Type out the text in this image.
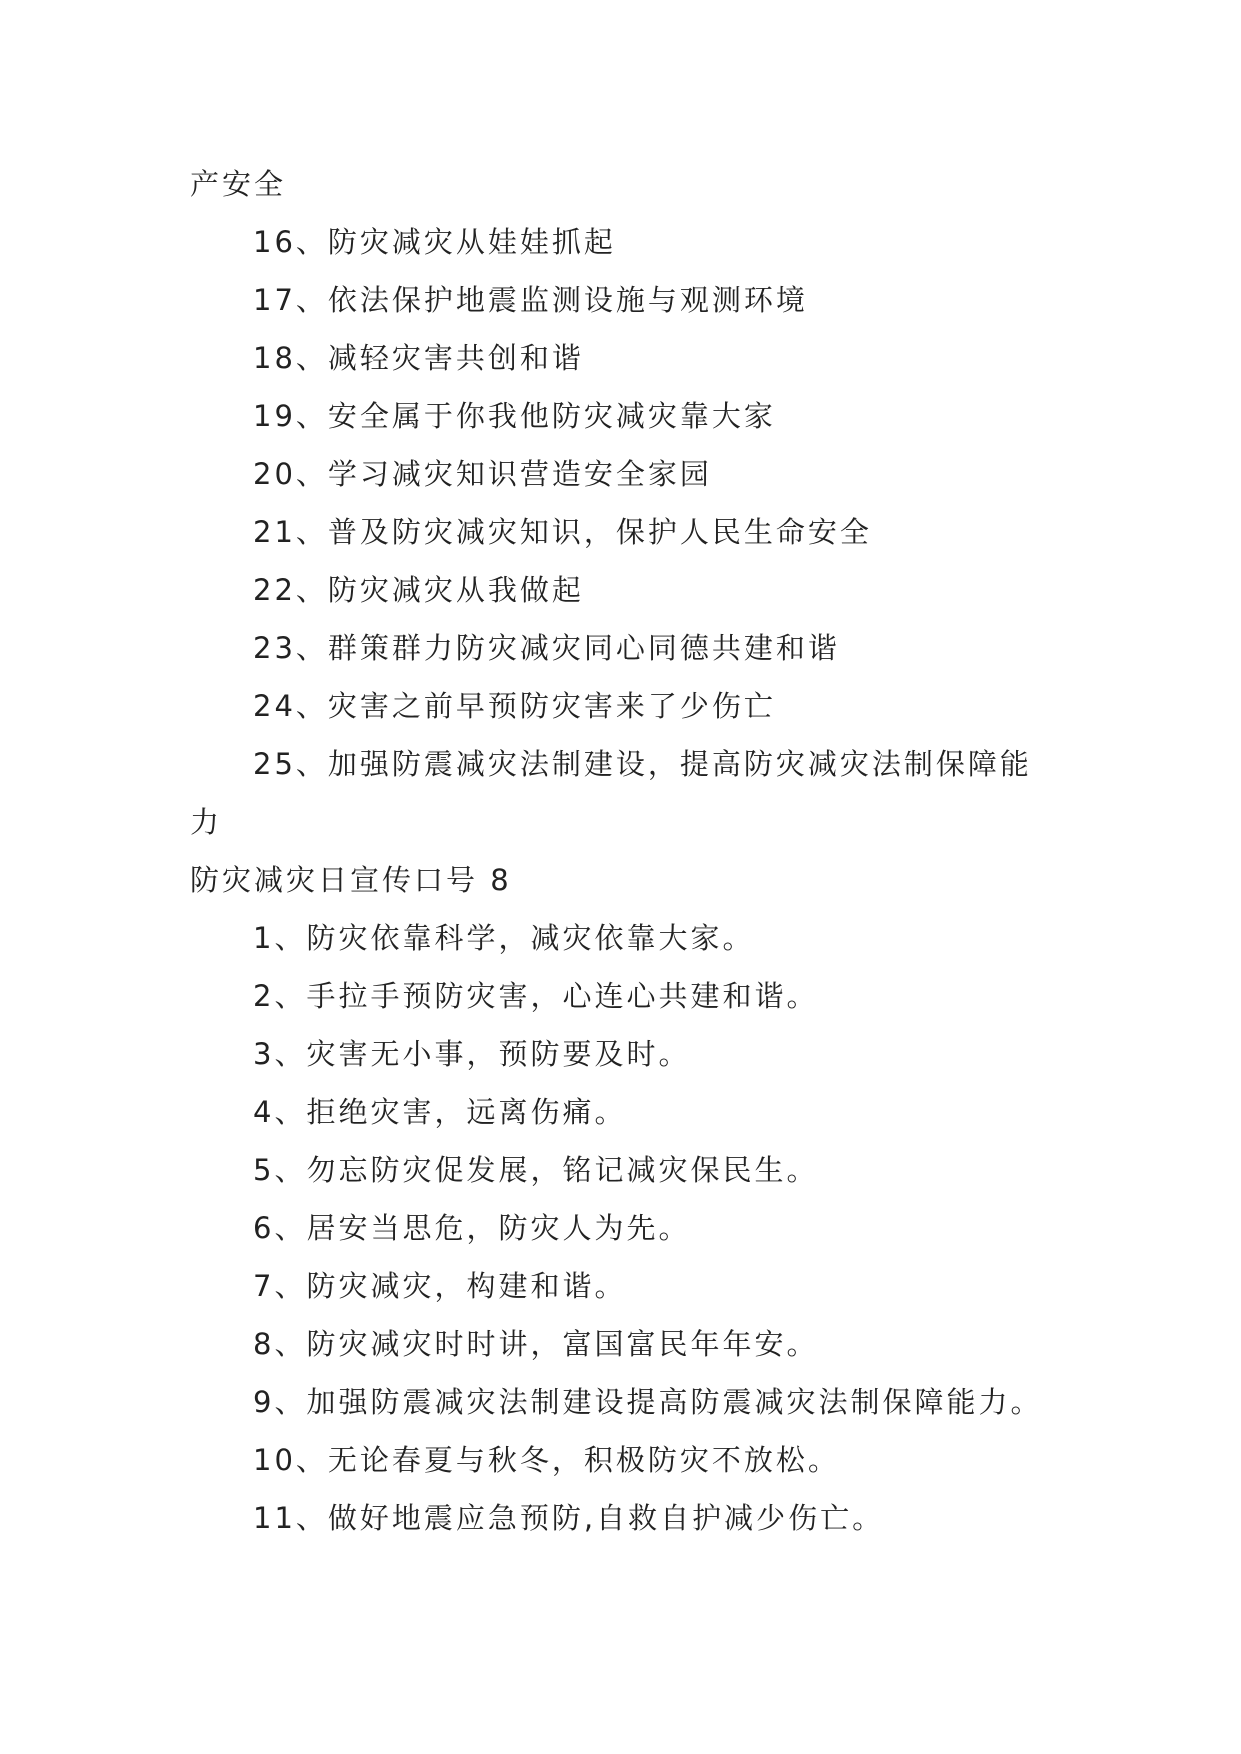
产安全
16、防灾减灾从娃娃抓起
17、依法保护地震监测设施与观测环境
18、减轻灾害共创和谐
19、安全属于你我他防灾减灾靠大家
20、学习减灾知识营造安全家园
21、普及防灾减灾知识，保护人民生命安全
22、防灾减灾从我做起
23、群策群力防灾减灾同心同德共建和谐
24、灾害之前早预防灾害来了少伤亡
25、加强防震减灾法制建设，提高防灾减灾法制保障能
力
防灾减灾日宣传口号 8
1、防灾依靠科学，减灾依靠大家。
2、手拉手预防灾害，心连心共建和谐。
3、灾害无小事，预防要及时。
4、拒绝灾害，远离伤痛。
5、勿忘防灾促发展，铭记减灾保民生。
6、居安当思危，防灾人为先。
7、防灾减灾，构建和谐。
8、防灾减灾时时讲，富国富民年年安。
9、加强防震减灾法制建设提高防震减灾法制保障能力。
10、无论春夏与秋冬，积极防灾不放松。
11、做好地震应急预防,自救自护减少伤亡。
